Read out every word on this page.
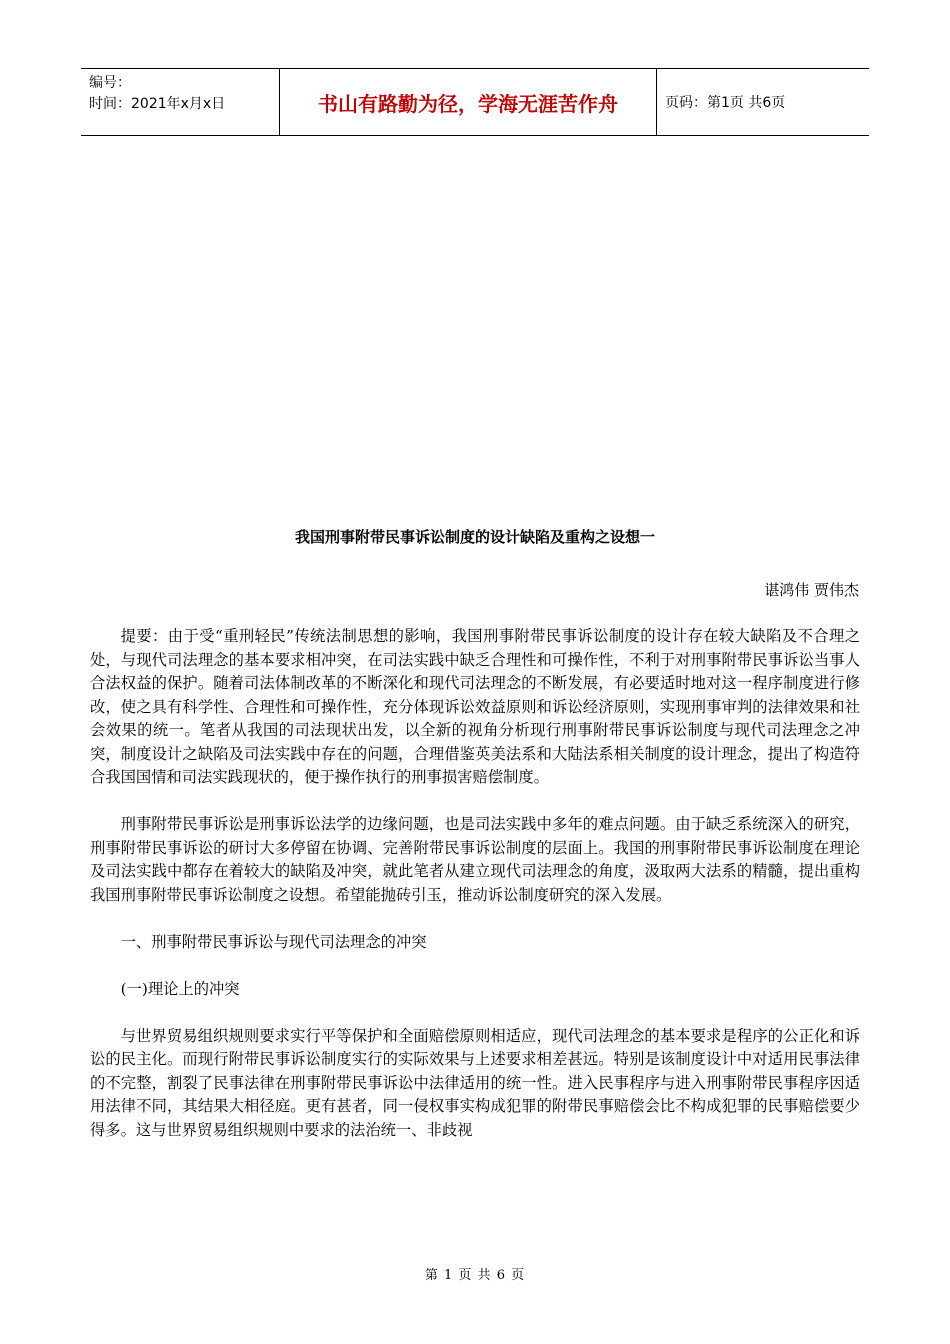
编号：
时间：2021年x月x日	书山有路勤为径，学海无涯苦作舟	页码：第1页 共6页
我国刑事附带民事诉讼制度的设计缺陷及重构之设想一
谌鸿伟 贾伟杰

提要：由于受“重刑轻民”传统法制思想的影响，我国刑事附带民事诉讼制度的设计存在较大缺陷及不合理之处，与现代司法理念的基本要求相冲突，在司法实践中缺乏合理性和可操作性，不利于对刑事附带民事诉讼当事人合法权益的保护。随着司法体制改革的不断深化和现代司法理念的不断发展，有必要适时地对这一程序制度进行修改，使之具有科学性、合理性和可操作性，充分体现诉讼效益原则和诉讼经济原则，实现刑事审判的法律效果和社会效果的统一。笔者从我国的司法现状出发，以全新的视角分析现行刑事附带民事诉讼制度与现代司法理念之冲突，制度设计之缺陷及司法实践中存在的问题，合理借鉴英美法系和大陆法系相关制度的设计理念，提出了构造符合我国国情和司法实践现状的，便于操作执行的刑事损害赔偿制度。

刑事附带民事诉讼是刑事诉讼法学的边缘问题，也是司法实践中多年的难点问题。由于缺乏系统深入的研究，刑事附带民事诉讼的研讨大多停留在协调、完善附带民事诉讼制度的层面上。我国的刑事附带民事诉讼制度在理论及司法实践中都存在着较大的缺陷及冲突，就此笔者从建立现代司法理念的角度，汲取两大法系的精髓，提出重构我国刑事附带民事诉讼制度之设想。希望能抛砖引玉，推动诉讼制度研究的深入发展。

一、刑事附带民事诉讼与现代司法理念的冲突

(一)理论上的冲突

与世界贸易组织规则要求实行平等保护和全面赔偿原则相适应，现代司法理念的基本要求是程序的公正化和诉讼的民主化。而现行附带民事诉讼制度实行的实际效果与上述要求相差甚远。特别是该制度设计中对适用民事法律的不完整，割裂了民事法律在刑事附带民事诉讼中法律适用的统一性。进入民事程序与进入刑事附带民事程序因适用法律不同，其结果大相径庭。更有甚者，同一侵权事实构成犯罪的附带民事赔偿会比不构成犯罪的民事赔偿要少得多。这与世界贸易组织规则中要求的法治统一、非歧视

第 1 页 共 6 页
